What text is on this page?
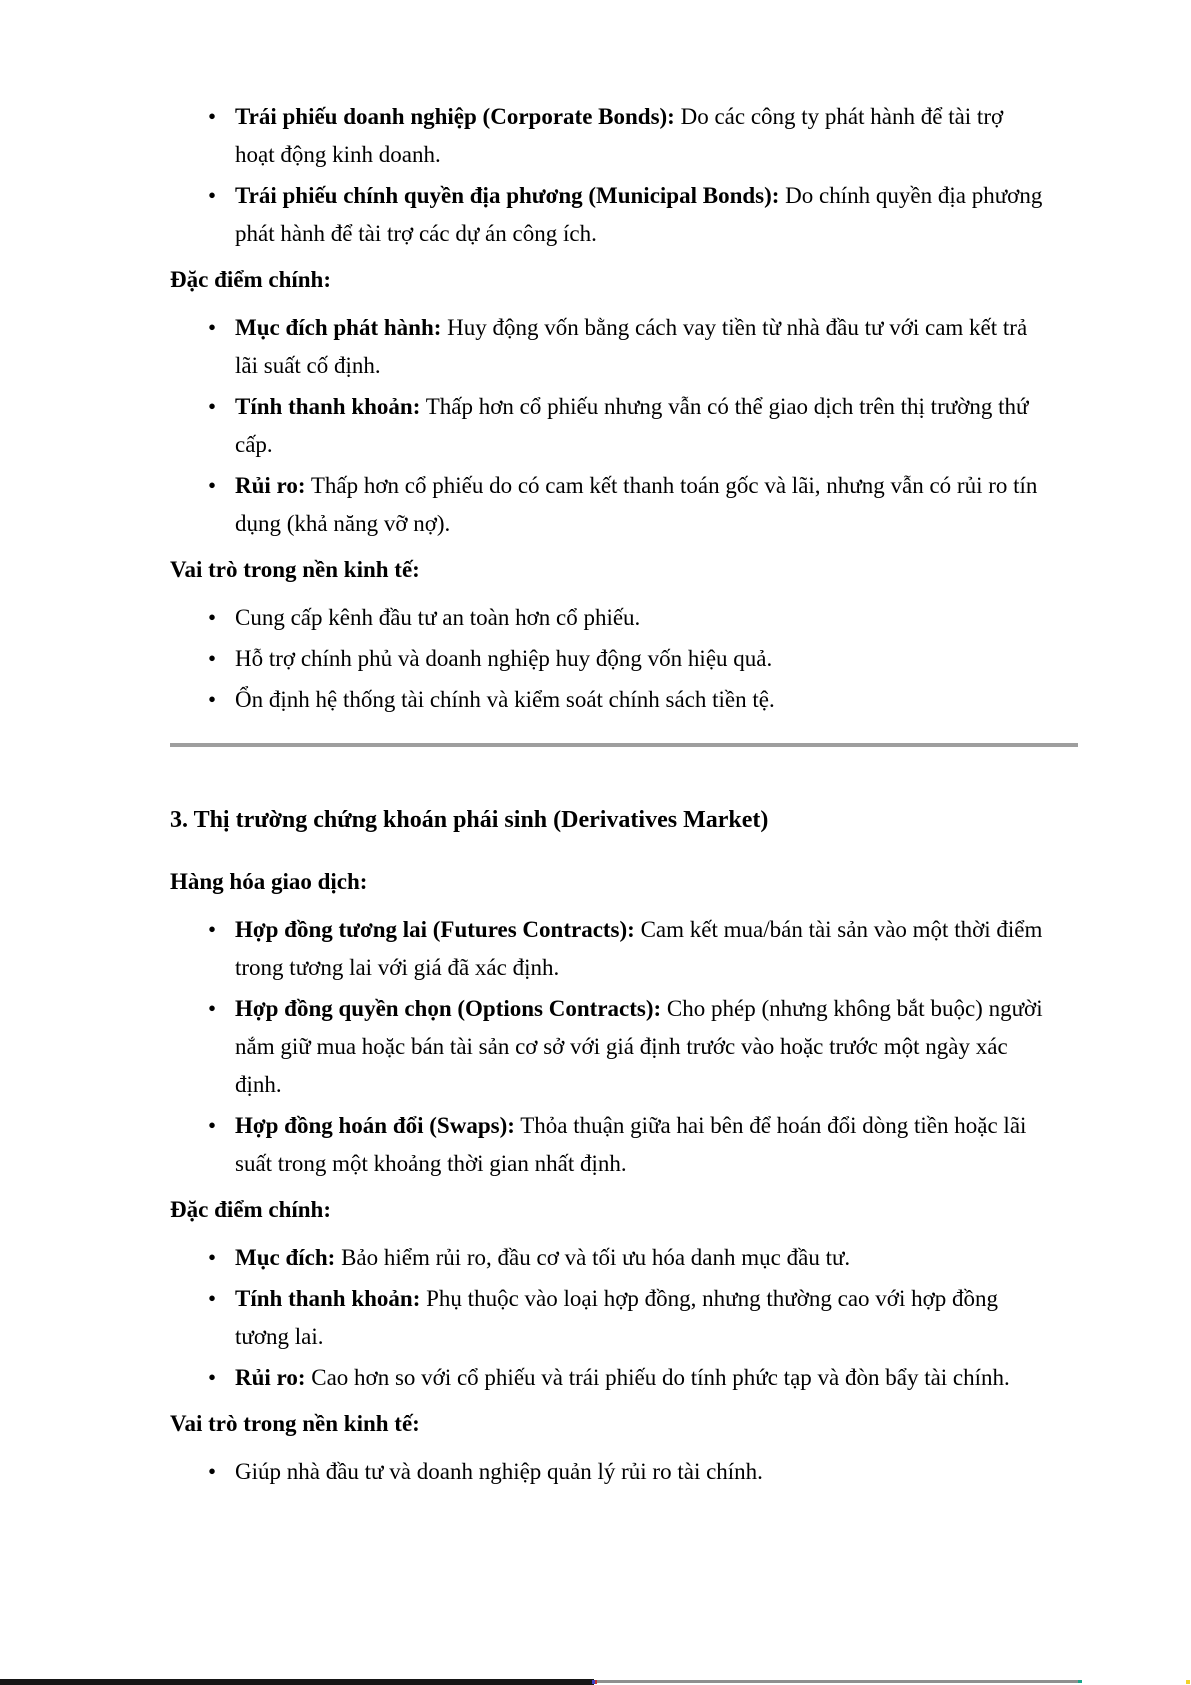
• Trái phiếu doanh nghiệp (Corporate Bonds): Do các công ty phát hành để tài trợ hoạt động kinh doanh.
• Trái phiếu chính quyền địa phương (Municipal Bonds): Do chính quyền địa phương phát hành để tài trợ các dự án công ích.

Đặc điểm chính:

• Mục đích phát hành: Huy động vốn bằng cách vay tiền từ nhà đầu tư với cam kết trả lãi suất cố định.
• Tính thanh khoản: Thấp hơn cổ phiếu nhưng vẫn có thể giao dịch trên thị trường thứ cấp.
• Rủi ro: Thấp hơn cổ phiếu do có cam kết thanh toán gốc và lãi, nhưng vẫn có rủi ro tín dụng (khả năng vỡ nợ).

Vai trò trong nền kinh tế:

• Cung cấp kênh đầu tư an toàn hơn cổ phiếu.
• Hỗ trợ chính phủ và doanh nghiệp huy động vốn hiệu quả.
• Ổn định hệ thống tài chính và kiểm soát chính sách tiền tệ.

3. Thị trường chứng khoán phái sinh (Derivatives Market)

Hàng hóa giao dịch:

• Hợp đồng tương lai (Futures Contracts): Cam kết mua/bán tài sản vào một thời điểm trong tương lai với giá đã xác định.
• Hợp đồng quyền chọn (Options Contracts): Cho phép (nhưng không bắt buộc) người nắm giữ mua hoặc bán tài sản cơ sở với giá định trước vào hoặc trước một ngày xác định.
• Hợp đồng hoán đổi (Swaps): Thỏa thuận giữa hai bên để hoán đổi dòng tiền hoặc lãi suất trong một khoảng thời gian nhất định.

Đặc điểm chính:

• Mục đích: Bảo hiểm rủi ro, đầu cơ và tối ưu hóa danh mục đầu tư.
• Tính thanh khoản: Phụ thuộc vào loại hợp đồng, nhưng thường cao với hợp đồng tương lai.
• Rủi ro: Cao hơn so với cổ phiếu và trái phiếu do tính phức tạp và đòn bẩy tài chính.

Vai trò trong nền kinh tế:

• Giúp nhà đầu tư và doanh nghiệp quản lý rủi ro tài chính.
